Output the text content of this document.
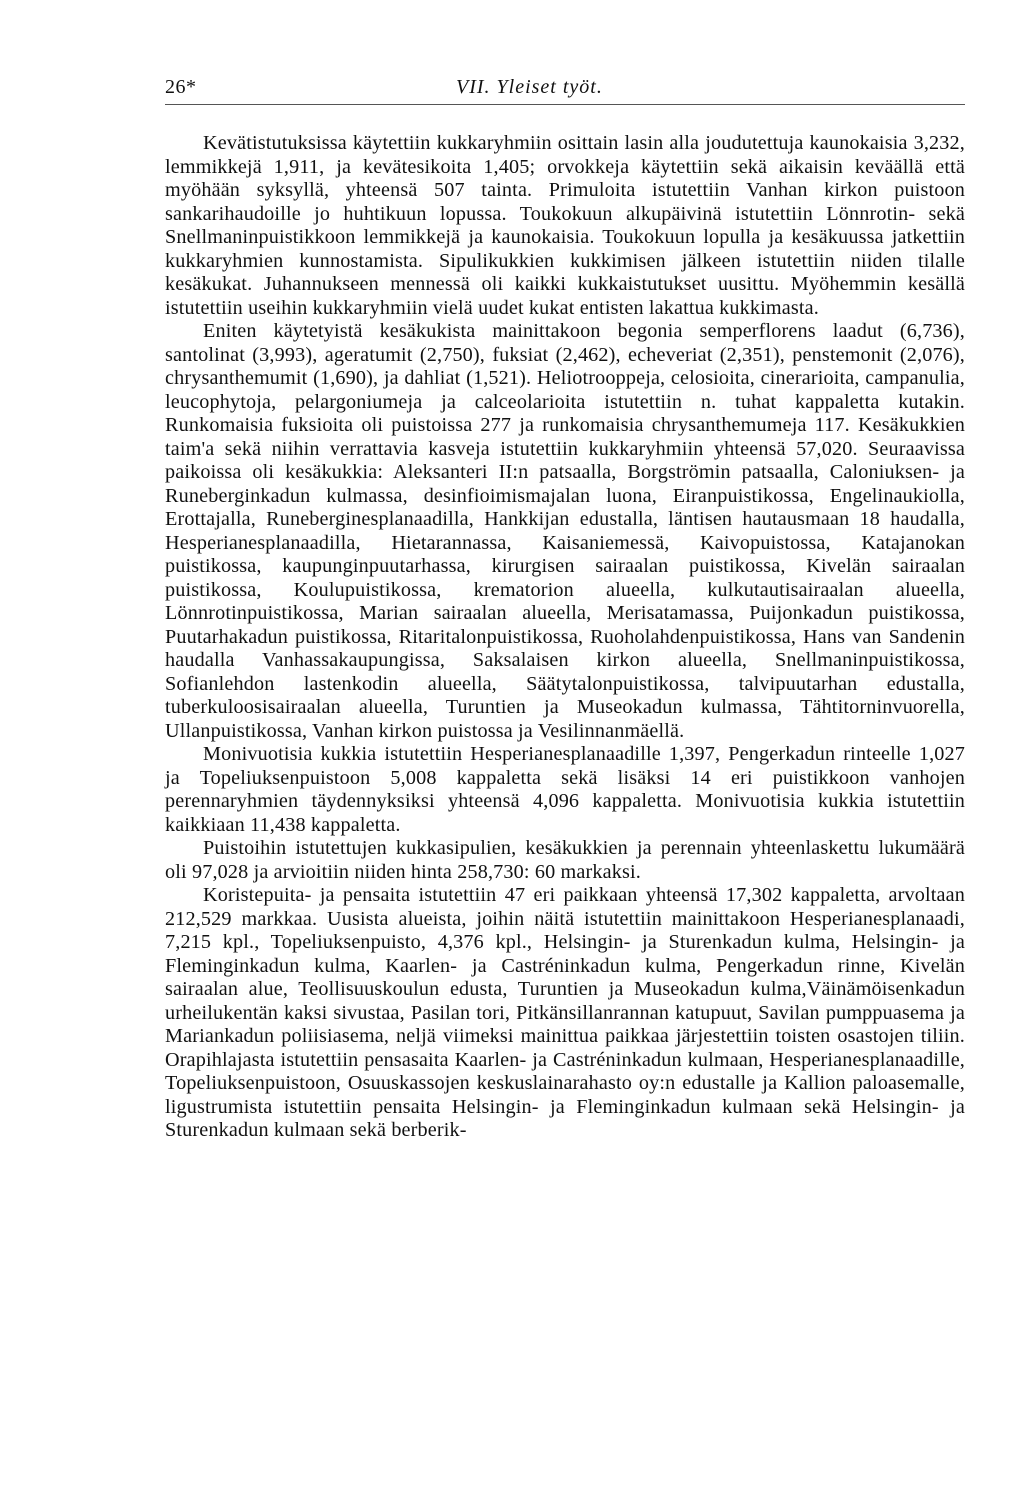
26*	VII. Yleiset työt.

Kevätistutuksissa käytettiin kukkaryhmiin osittain lasin alla joudutettuja kaunokaisia 3,232, lemmikkejä 1,911, ja kevätesikoita 1,405; orvokkeja käytettiin sekä aikaisin keväällä että myöhään syksyllä, yhteensä 507 tainta. Primuloita istutettiin Vanhan kirkon puistoon sankarihaudoille jo huhtikuun lopussa. Toukokuun alkupäivinä istutettiin Lönnrotin- sekä Snellmaninpuistikkoon lemmikkejä ja kaunokaisia. Toukokuun lopulla ja kesäkuussa jatkettiin kukkaryhmien kunnostamista. Sipulikukkien kukkimisen jälkeen istutettiin niiden tilalle kesäkukat. Juhannukseen mennessä oli kaikki kukkaistutukset uusittu. Myöhemmin kesällä istutettiin useihin kukkaryhmiin vielä uudet kukat entisten lakattua kukkimasta.

Eniten käytetyistä kesäkukista mainittakoon begonia semperflorens laadut (6,736), santolinat (3,993), ageratumit (2,750), fuksiat (2,462), echeveriat (2,351), penstemonit (2,076), chrysanthemumit (1,690), ja dahliat (1,521). Heliotrooppeja, celosioita, cinerarioita, campanulia, leucophytoja, pelargoniumeja ja calceolarioita istutettiin n. tuhat kappaletta kutakin. Runkomaisia fuksioita oli puistoissa 277 ja runkomaisia chrysanthemumeja 117. Kesäkukkien taim'a sekä niihin verrattavia kasveja istutettiin kukkaryhmiin yhteensä 57,020. Seuraavissa paikoissa oli kesäkukkia: Aleksanteri II:n patsaalla, Borgströmin patsaalla, Caloniuksen- ja Runeberginkadun kulmassa, desinfioimismajalan luona, Eiranpuistikossa, Engelinaukiolla, Erottajalla, Runeberginesplanaadilla, Hankkijan edustalla, läntisen hautausmaan 18 haudalla, Hesperianesplanaadilla, Hietarannassa, Kaisaniemessä, Kaivopuistossa, Katajanokan puistikossa, kaupunginpuutarhassa, kirurgisen sairaalan puistikossa, Kivelän sairaalan puistikossa, Koulupuistikossa, krematorion alueella, kulkutautisairaalan alueella, Lönnrotinpuistikossa, Marian sairaalan alueella, Merisatamassa, Puijonkadun puistikossa, Puutarhakadun puistikossa, Ritaritalonpuistikossa, Ruoholahdenpuistikossa, Hans van Sandenin haudalla Vanhassakaupungissa, Saksalaisen kirkon alueella, Snellmaninpuistikossa, Sofianlehdon lastenkodin alueella, Säätytalonpuistikossa, talvipuutarhan edustalla, tuberkuloosisairaalan alueella, Turuntien ja Museokadun kulmassa, Tähtitorninvuorella, Ullanpuistikossa, Vanhan kirkon puistossa ja Vesilinnanmäellä.

Monivuotisia kukkia istutettiin Hesperianesplanaadille 1,397, Pengerkadun rinteelle 1,027 ja Topeliuksenpuistoon 5,008 kappaletta sekä lisäksi 14 eri puistikkoon vanhojen perennaryhmien täydennyksiksi yhteensä 4,096 kappaletta. Monivuotisia kukkia istutettiin kaikkiaan 11,438 kappaletta.

Puistoihin istutettujen kukkasipulien, kesäkukkien ja perennain yhteenlaskettu lukumäärä oli 97,028 ja arvioitiin niiden hinta 258,730: 60 markaksi.

Koristepuita- ja pensaita istutettiin 47 eri paikkaan yhteensä 17,302 kappaletta, arvoltaan 212,529 markkaa. Uusista alueista, joihin näitä istutettiin mainittakoon Hesperianesplanaadi, 7,215 kpl., Topeliuksenpuisto, 4,376 kpl., Helsingin- ja Sturenkadun kulma, Helsingin- ja Fleminginkadun kulma, Kaarlen- ja Castréninkadun kulma, Pengerkadun rinne, Kivelän sairaalan alue, Teollisuuskoulun edusta, Turuntien ja Museokadun kulma,Väinämöisenkadun urheilukentän kaksi sivustaa, Pasilan tori, Pitkänsillanrannan katupuut, Savilan pumppuasema ja Mariankadun poliisiasema, neljä viimeksi mainittua paikkaa järjestettiin toisten osastojen tiliin. Orapihlajasta istutettiin pensasaita Kaarlen- ja Castréninkadun kulmaan, Hesperianesplanaadille, Topeliuksenpuistoon, Osuuskassojen keskuslainarahasto oy:n edustalle ja Kallion paloasemalle, ligustrumista istutettiin pensaita Helsingin- ja Fleminginkadun kulmaan sekä Helsingin- ja Sturenkadun kulmaan sekä berberik-
